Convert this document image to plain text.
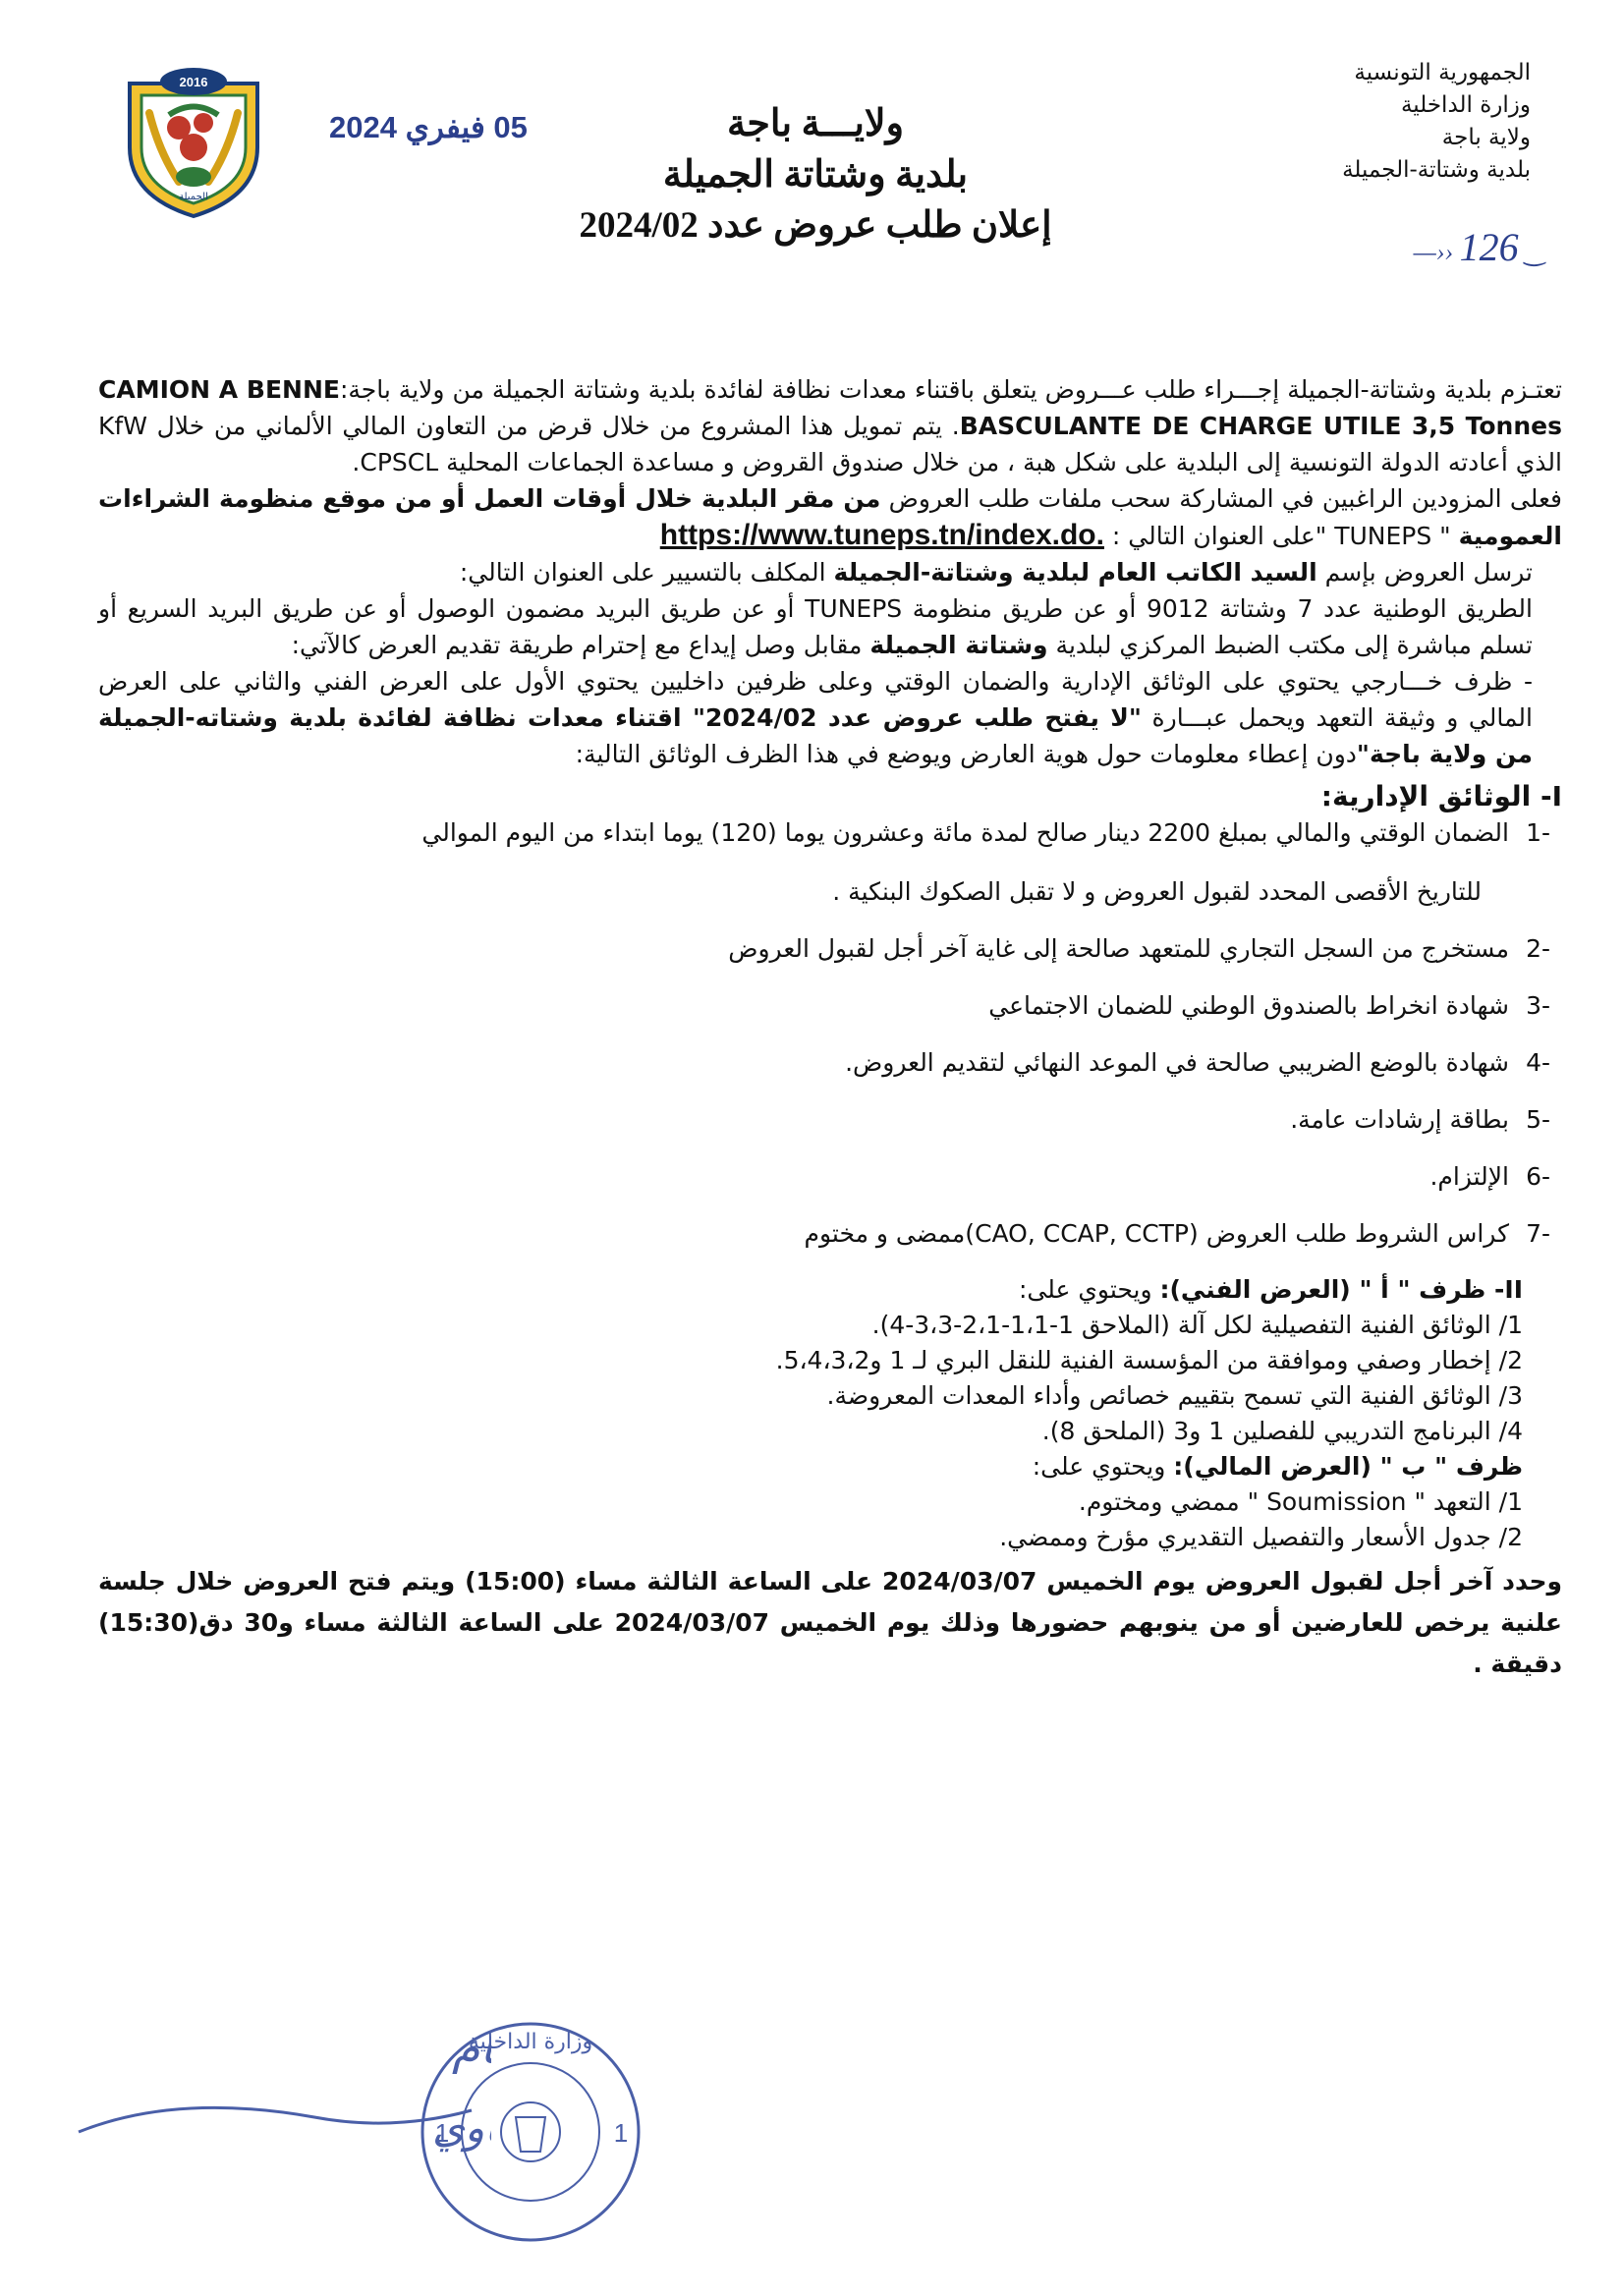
الجمهورية التونسية
وزارة الداخلية
ولاية باجة
بلدية وشتاتة-الجميلة
—›› 126 ‿
2016
الجميلة
05 فيفري 2024	ولايـــة باجة
بلدية وشتاتة الجميلة
إعلان طلب عروض عدد 2024/02

تعتـزم بلدية وشتاتة-الجميلة إجـــراء طلب عـــروض يتعلق باقتناء معدات نظافة لفائدة بلدية وشتاتة الجميلة من ولاية باجة:CAMION A BENNE BASCULANTE DE CHARGE UTILE 3,5 Tonnes. يتم تمويل هذا المشروع من خلال قرض من التعاون المالي الألماني من خلال KfW الذي أعادته الدولة التونسية إلى البلدية على شكل هبة ، من خلال صندوق القروض و مساعدة الجماعات المحلية CPSCL.

فعلى المزودين الراغبين في المشاركة سحب ملفات طلب العروض من مقر البلدية خلال أوقات العمل أو من موقع منظومة الشراءات العمومية " TUNEPS "على العنوان التالي : https://www.tuneps.tn/index.do.

ترسل العروض بإسم السيد الكاتب العام لبلدية وشتاتة-الجميلة المكلف بالتسيير على العنوان التالي:

الطريق الوطنية عدد 7 وشتاتة 9012 أو عن طريق منظومة TUNEPS أو عن طريق البريد مضمون الوصول أو عن طريق البريد السريع أو تسلم مباشرة إلى مكتب الضبط المركزي لبلدية وشتاتة الجميلة مقابل وصل إيداع مع إحترام طريقة تقديم العرض كالآتي:

- ظرف خـــارجي يحتوي على الوثائق الإدارية والضمان الوقتي وعلى ظرفين داخليين يحتوي الأول على العرض الفني والثاني على العرض المالي و وثيقة التعهد ويحمل عبـــارة "لا يفتح طلب عروض عدد 2024/02" اقتناء معدات نظافة لفائدة بلدية وشتاته-الجميلة من ولاية باجة"دون إعطاء معلومات حول هوية العارض ويوضع في هذا الظرف الوثائق التالية:

I- الوثائق الإدارية:

-1الضمان الوقتي والمالي بمبلغ 2200 دينار صالح لمدة مائة وعشرون يوما (120) يوما ابتداء من اليوم الموالي
للتاريخ الأقصى المحدد لقبول العروض و لا تقبل الصكوك البنكية .

-2مستخرج من السجل التجاري للمتعهد صالحة إلى غاية آخر أجل لقبول العروض

-3شهادة انخراط بالصندوق الوطني للضمان الاجتماعي

-4شهادة بالوضع الضريبي صالحة في الموعد النهائي لتقديم العروض.

-5بطاقة إرشادات عامة.

-6الإلتزام.

-7كراس الشروط طلب العروض (CAO, CCAP, CCTP)ممضى و مختوم

II- ظرف " أ " (العرض الفني): ويحتوي على:

1/ الوثائق الفنية التفصيلية لكل آلة (الملاحق 1-1،1-2،1-3،3-4).

2/ إخطار وصفي وموافقة من المؤسسة الفنية للنقل البري لـ 1 و5،4،3،2.

3/ الوثائق الفنية التي تسمح بتقييم خصائص وأداء المعدات المعروضة.

4/ البرنامج التدريبي للفصلين 1 و3 (الملحق 8).

ظرف " ب " (العرض المالي): ويحتوي على:

1/ التعهد " Soumission " ممضي ومختوم.

2/ جدول الأسعار والتفصيل التقديري مؤرخ وممضي.

وحدد آخر أجل لقبول العروض يوم الخميس 2024/03/07 على الساعة الثالثة مساء (15:00) ويتم فتح العروض خلال جلسة علنية يرخص للعارضين أو من ينوبهم حضورها وذلك يوم الخميس 2024/03/07 على الساعة الثالثة مساء و30 دق(15:30) دقيقة .

ام
وي
وزارة الداخلية
1	1
